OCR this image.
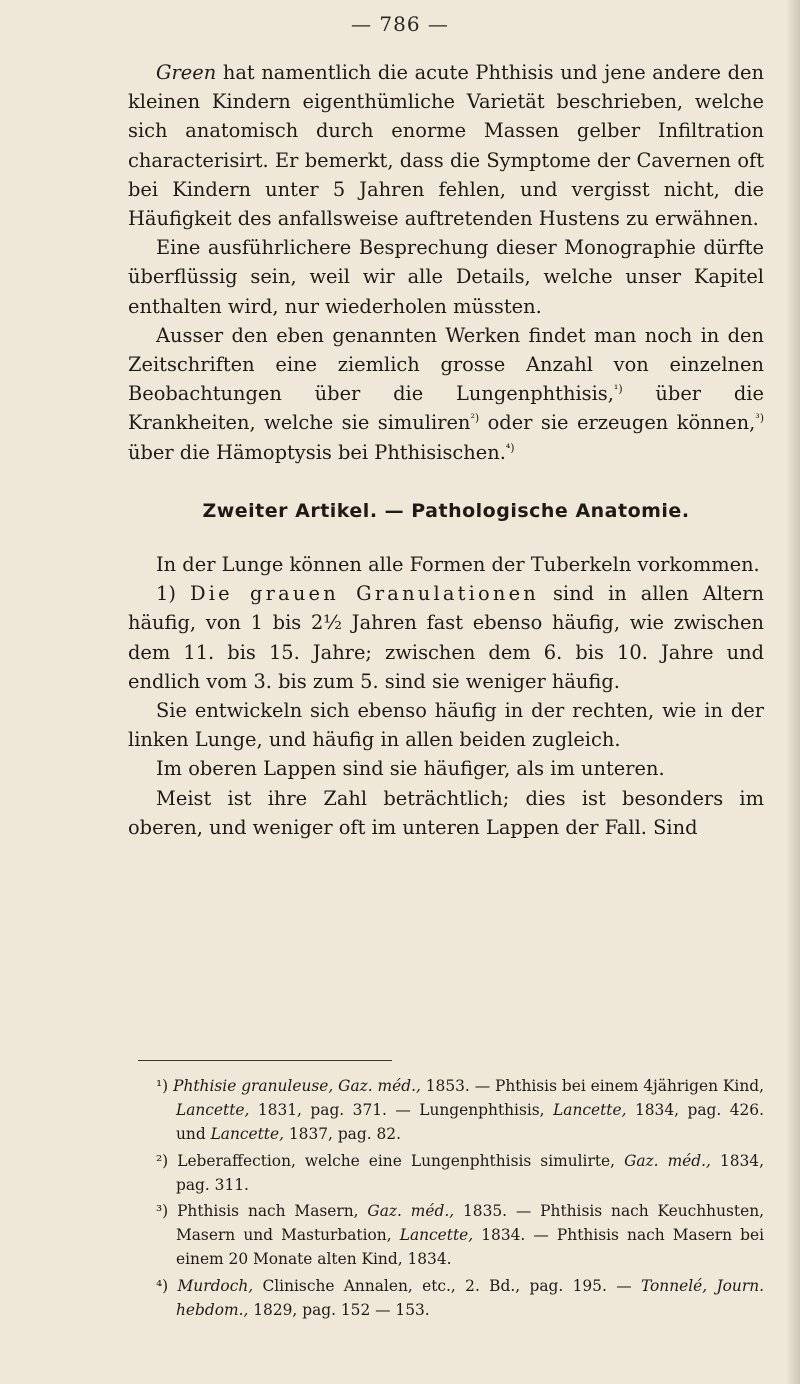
— 786 —

Green hat namentlich die acute Phthisis und jene andere den kleinen Kindern eigenthümliche Varietät beschrieben, welche sich anatomisch durch enorme Massen gelber Infiltration characterisirt. Er bemerkt, dass die Symptome der Cavernen oft bei Kindern unter 5 Jahren fehlen, und vergisst nicht, die Häufigkeit des anfallsweise auftretenden Hustens zu erwähnen.

Eine ausführlichere Besprechung dieser Monographie dürfte überflüssig sein, weil wir alle Details, welche unser Kapitel enthalten wird, nur wiederholen müssten.

Ausser den eben genannten Werken findet man noch in den Zeitschriften eine ziemlich grosse Anzahl von einzelnen Beobachtungen über die Lungenphthisis,$^{^1)}$ über die Krankheiten, welche sie simuliren$^{^2)}$ oder sie erzeugen können,$^{^3)}$ über die Hämoptysis bei Phthisischen.$^{^4)}$

Zweiter Artikel. — Pathologische Anatomie.

In der Lunge können alle Formen der Tuberkeln vorkommen.

1) Die grauen Granulationen sind in allen Altern häufig, von 1 bis 2½ Jahren fast ebenso häufig, wie zwischen dem 11. bis 15. Jahre; zwischen dem 6. bis 10. Jahre und endlich vom 3. bis zum 5. sind sie weniger häufig.

Sie entwickeln sich ebenso häufig in der rechten, wie in der linken Lunge, und häufig in allen beiden zugleich.

Im oberen Lappen sind sie häufiger, als im unteren.

Meist ist ihre Zahl beträchtlich; dies ist besonders im oberen, und weniger oft im unteren Lappen der Fall. Sind

¹) Phthisie granuleuse, Gaz. méd., 1853. — Phthisis bei einem 4jährigen Kind, Lancette, 1831, pag. 371. — Lungenphthisis, Lancette, 1834, pag. 426. und Lancette, 1837, pag. 82.

²) Leberaffection, welche eine Lungenphthisis simulirte, Gaz. méd., 1834, pag. 311.

³) Phthisis nach Masern, Gaz. méd., 1835. — Phthisis nach Keuchhusten, Masern und Masturbation, Lancette, 1834. — Phthisis nach Masern bei einem 20 Monate alten Kind, 1834.

⁴) Murdoch, Clinische Annalen, etc., 2. Bd., pag. 195. — Tonnelé, Journ. hebdom., 1829, pag. 152 — 153.
